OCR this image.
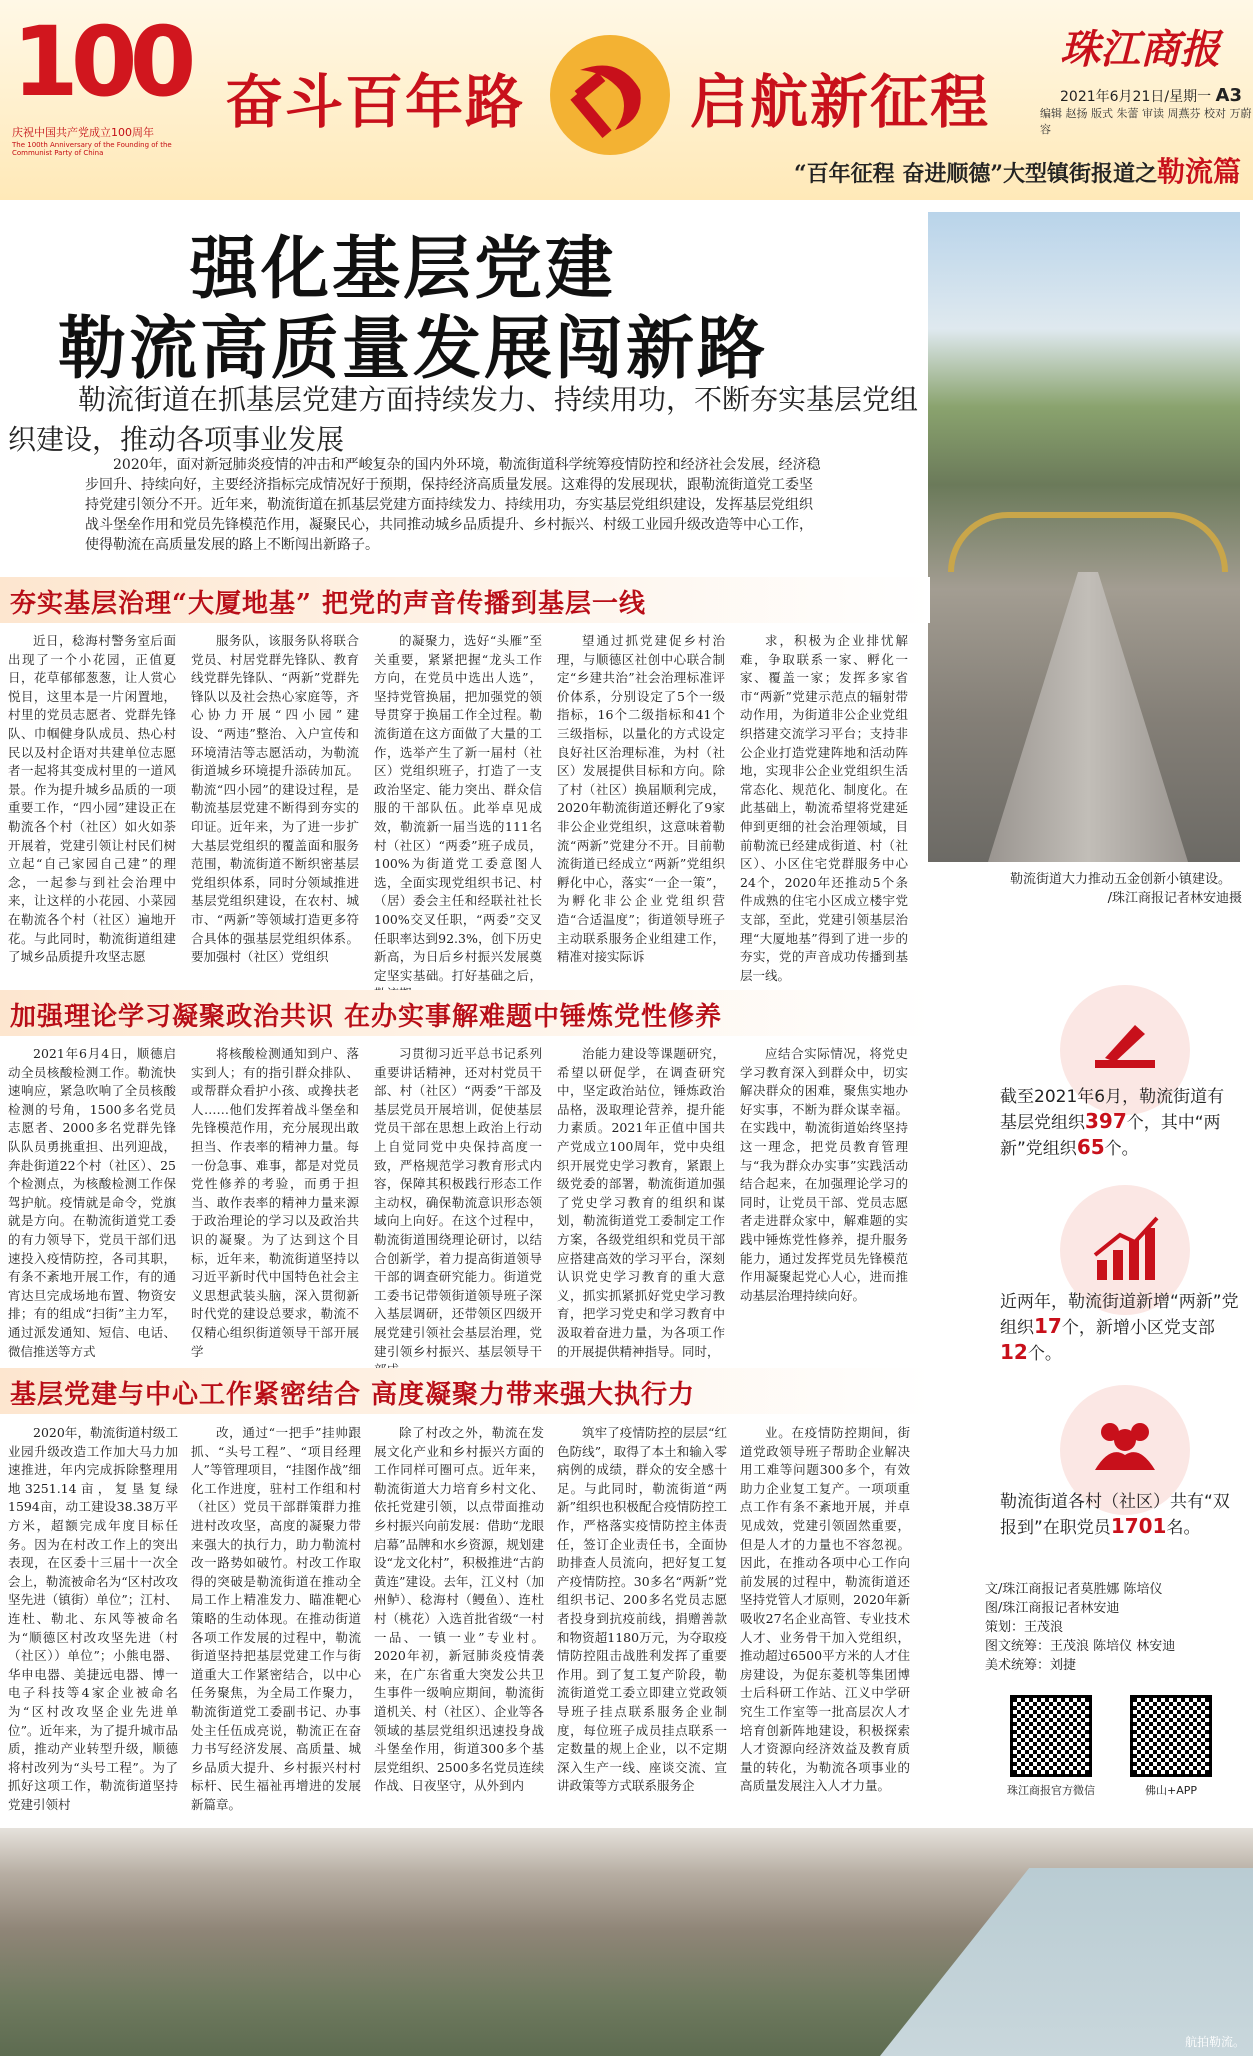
100
庆祝中国共产党成立100周年
The 100th Anniversary of the Founding of the Communist Party of China
奋斗百年路	启航新征程
珠江商报
2021年6月21日/星期一 A3
编辑 赵扬 版式 朱蕾 审读 周燕芬 校对 万蔚容
“百年征程 奋进顺德”大型镇街报道之勒流篇
强化基层党建
勒流高质量发展闯新路
勒流街道在抓基层党建方面持续发力、持续用功，不断夯实基层党组织建设，推动各项事业发展
2020年，面对新冠肺炎疫情的冲击和严峻复杂的国内外环境，勒流街道科学统筹疫情防控和经济社会发展，经济稳步回升、持续向好，主要经济指标完成情况好于预期，保持经济高质量发展。这难得的发展现状，跟勒流街道党工委坚持党建引领分不开。近年来，勒流街道在抓基层党建方面持续发力、持续用功，夯实基层党组织建设，发挥基层党组织战斗堡垒作用和党员先锋模范作用，凝聚民心，共同推动城乡品质提升、乡村振兴、村级工业园升级改造等中心工作，使得勒流在高质量发展的路上不断闯出新路子。
勒流街道大力推动五金创新小镇建设。
/珠江商报记者林安迪摄
夯实基层治理“大厦地基” 把党的声音传播到基层一线

近日，稔海村警务室后面出现了一个小花园，正值夏日，花草郁郁葱葱，让人赏心悦目，这里本是一片闲置地，村里的党员志愿者、党群先锋队、巾帼健身队成员、热心村民以及村企语对共建单位志愿者一起将其变成村里的一道风景。作为提升城乡品质的一项重要工作，“四小园”建设正在勒流各个村（社区）如火如荼开展着，党建引领让村民们树立起“自己家园自己建”的理念，一起参与到社会治理中来，让这样的小花园、小菜园在勒流各个村（社区）遍地开花。与此同时，勒流街道组建了城乡品质提升攻坚志愿

服务队，该服务队将联合党员、村居党群先锋队、教育线党群先锋队、“两新”党群先锋队以及社会热心家庭等，齐心协力开展“四小园”建设、“两违”整治、入户宣传和环境清洁等志愿活动，为勒流街道城乡环境提升添砖加瓦。勒流“四小园”的建设过程，是勒流基层党建不断得到夯实的印证。近年来，为了进一步扩大基层党组织的覆盖面和服务范围，勒流街道不断织密基层党组织体系，同时分领域推进基层党组织建设，在农村、城市、“两新”等领域打造更多符合具体的强基层党组织体系。要加强村（社区）党组织

的凝聚力，选好“头雁”至关重要，紧紧把握“龙头工作方向，在党员中选出人选”，坚持党管换届，把加强党的领导贯穿于换届工作全过程。勒流街道在这方面做了大量的工作，选举产生了新一届村（社区）党组织班子，打造了一支政治坚定、能力突出、群众信服的干部队伍。此举卓见成效，勒流新一届当选的111名村（社区）“两委”班子成员，100%为街道党工委意图人选，全面实现党组织书记、村（居）委会主任和经联社社长100%交叉任职，“两委”交叉任职率达到92.3%，创下历史新高，为日后乡村振兴发展奠定坚实基础。打好基础之后，

望通过抓党建促乡村治理，与顺德区社创中心联合制定“乡建共治”社会治理标准评价体系，分别设定了5个一级指标，16个二级指标和41个三级指标，以量化的方式设定良好社区治理标准，为村（社区）发展提供目标和方向。除了村（社区）换届顺利完成，2020年勒流街道还孵化了9家非公企业党组织，这意味着勒流“两新”党建分不开。目前勒流街道已经成立“两新”党组织孵化中心，落实“一企一策”，为孵化非公企业党组织营造“合适温度”；街道领导班子主动联系服务企业组建工作，精准对接实际诉

求，积极为企业排忧解难，争取联系一家、孵化一家、覆盖一家；发挥多家省市“两新”党建示范点的辐射带动作用，为街道非公企业党组织搭建交流学习平台；支持非公企业打造党建阵地和活动阵地，实现非公企业党组织生活常态化、规范化、制度化。在此基础上，勒流希望将党建延伸到更细的社会治理领域，目前勒流已经建成街道、村（社区）、小区住宅党群服务中心24个，2020年还推动5个条件成熟的住宅小区成立楼宇党支部，至此，党建引领基层治理“大厦地基”得到了进一步的夯实，党的声音成功传播到基层一线。

加强理论学习凝聚政治共识 在办实事解难题中锤炼党性修养

2021年6月4日，顺德启动全员核酸检测工作。勒流快速响应，紧急吹响了全员核酸检测的号角，1500多名党员志愿者、2000多名党群先锋队队员勇挑重担、出列迎战，奔赴街道22个村（社区）、25个检测点，为核酸检测工作保驾护航。疫情就是命令，党旗就是方向。在勒流街道党工委的有力领导下，党员干部们迅速投入疫情防控，各司其职，有条不紊地开展工作，有的通宵达旦完成场地布置、物资安排；有的组成“扫街”主力军，通过派发通知、短信、电话、微信推送等方式

将核酸检测通知到户、落实到人；有的指引群众排队、或帮群众看护小孩、或搀扶老人……他们发挥着战斗堡垒和先锋模范作用，充分展现出敢担当、作表率的精神力量。每一份急事、难事，都是对党员党性修养的考验，而勇于担当、敢作表率的精神力量来源于政治理论的学习以及政治共识的凝聚。为了达到这个目标，近年来，勒流街道坚持以习近平新时代中国特色社会主义思想武装头脑，深入贯彻新时代党的建设总要求，勒流不仅精心组织街道领导干部开展学

习贯彻习近平总书记系列重要讲话精神，还对村党员干部、村（社区）“两委”干部及基层党员开展培训，促使基层党员干部在思想上政治上行动上自觉同党中央保持高度一致，严格规范学习教育形式内容，保障其积极践行形态工作主动权，确保勒流意识形态领域向上向好。在这个过程中，勒流街道围绕理论研讨，以结合创新学，着力提高街道领导干部的调查研究能力。街道党工委书记带领街道领导班子深入基层调研，还带领区四级开展党建引领社会基层治理，党建引领乡村振兴、基层领导干

治能力建设等课题研究，希望以研促学，在调查研究中，坚定政治站位，锤炼政治品格，汲取理论营养，提升能力素质。2021年正值中国共产党成立100周年，党中央组织开展党史学习教育，紧跟上级党委的部署，勒流街道加强了党史学习教育的组织和谋划，勒流街道党工委制定工作方案，各级党组织和党员干部应搭建高效的学习平台，深刻认识党史学习教育的重大意义，抓实抓紧抓好党史学习教育，把学习党史和学习教育中汲取着奋进力量，为各项工作的开展提供精神指导。同时，

应结合实际情况，将党史学习教育深入到群众中，切实解决群众的困难，聚焦实地办好实事，不断为群众谋幸福。在实践中，勒流街道始终坚持这一理念，把党员教育管理与“我为群众办实事”实践活动结合起来，在加强理论学习的同时，让党员干部、党员志愿者走进群众家中，解难题的实践中锤炼党性修养，提升服务能力，通过发挥党员先锋模范作用凝聚起党心人心，进而推动基层治理持续向好。

基层党建与中心工作紧密结合 高度凝聚力带来强大执行力

2020年，勒流街道村级工业园升级改造工作加大马力加速推进，年内完成拆除整理用地3251.14亩，复垦复绿1594亩，动工建设38.38万平方米，超额完成年度目标任务。因为在村改工作上的突出表现，在区委十三届十一次全会上，勒流被命名为“区村改攻坚先进（镇街）单位”；江村、连杜、勒北、东风等被命名为“顺德区村改攻坚先进（村（社区））单位”；小熊电器、华申电器、美捷远电器、博一电子科技等4家企业被命名为“区村改攻坚企业先进单位”。近年来，为了提升城市品质，推动产业转型升级，顺德将村改列为“头号工程”。为了抓好这项工作，勒流街道坚持党建引领村

改，通过“一把手”挂帅跟抓、“头号工程”、“项目经理人”等管理项目，“挂图作战”细化工作进度，驻村工作组和村（社区）党员干部群策群力推进村改攻坚，高度的凝聚力带来强大的执行力，助力勒流村改一路势如破竹。村改工作取得的突破是勒流街道在推动全局工作上精准发力、瞄准靶心策略的生动体现。在推动街道各项工作发展的过程中，勒流街道坚持把基层党建工作与街道重大工作紧密结合，以中心任务聚焦，为全局工作聚力，勒流街道党工委副书记、办事处主任伍成亮说，勒流正在奋力书写经济发展、高质量、城乡品质大提升、乡村振兴村村标杆、民生福祉再增进的发展新篇章。

除了村改之外，勒流在发展文化产业和乡村振兴方面的工作同样可圈可点。近年来，勒流街道大力培育乡村文化、依托党建引领，以点带面推动乡村振兴向前发展：借助“龙眼启幕”品牌和水乡资源，规划建设“龙文化村”，积极推进“古韵黄连”建设。去年，江义村（加州鲈）、稔海村（鳗鱼）、连杜村（桃花）入选首批省级“一村一品、一镇一业”专业村。2020年初，新冠肺炎疫情袭来，在广东省重大突发公共卫生事件一级响应期间，勒流街道机关、村（社区）、企业等各领域的基层党组织迅速投身战斗堡垒作用，街道300多个基层党组织、2500多名党员连续作战、日夜坚守，从外到内

筑牢了疫情防控的层层“红色防线”，取得了本土和输入零病例的成绩，群众的安全感十足。与此同时，勒流街道“两新”组织也积极配合疫情防控工作，严格落实疫情防控主体责任，签订企业责任书，全面协助排查人员流向，把好复工复产疫情防控。30多名“两新”党组织书记、200多名党员志愿者投身到抗疫前线，捐赠善款和物资超1180万元，为夺取疫情防控阻击战胜利发挥了重要作用。到了复工复产阶段，勒流街道党工委立即建立党政领导班子挂点联系服务企业制度，每位班子成员挂点联系一定数量的规上企业，以不定期深入生产一线、座谈交流、宣讲政策等方式联系服务企

业。在疫情防控期间，街道党政领导班子帮助企业解决用工难等问题300多个，有效助力企业复工复产。一项项重点工作有条不紊地开展，并卓见成效，党建引领固然重要，但是人才的力量也不容忽视。因此，在推动各项中心工作向前发展的过程中，勒流街道还坚持党管人才原则，2020年新吸收27名企业高管、专业技术人才、业务骨干加入党组织，推动超过6500平方米的人才住房建设，为促东菱机等集团博士后科研工作站、江义中学研究生工作室等一批高层次人才培育创新阵地建设，积极探索人才资源向经济效益及教育质量的转化，为勒流各项事业的高质量发展注入人才力量。

截至2021年6月，勒流街道有基层党组织397个，其中“两新”党组织65个。
近两年，勒流街道新增“两新”党组织17个，新增小区党支部12个。
勒流街道各村（社区）共有“双报到”在职党员1701名。
文/珠江商报记者莫胜娜 陈培仪
图/珠江商报记者林安迪
策划：王茂浪
图文统筹：王茂浪 陈培仪 林安迪
美术统筹：刘捷
珠江商报官方微信	佛山+APP
航拍勒流。
